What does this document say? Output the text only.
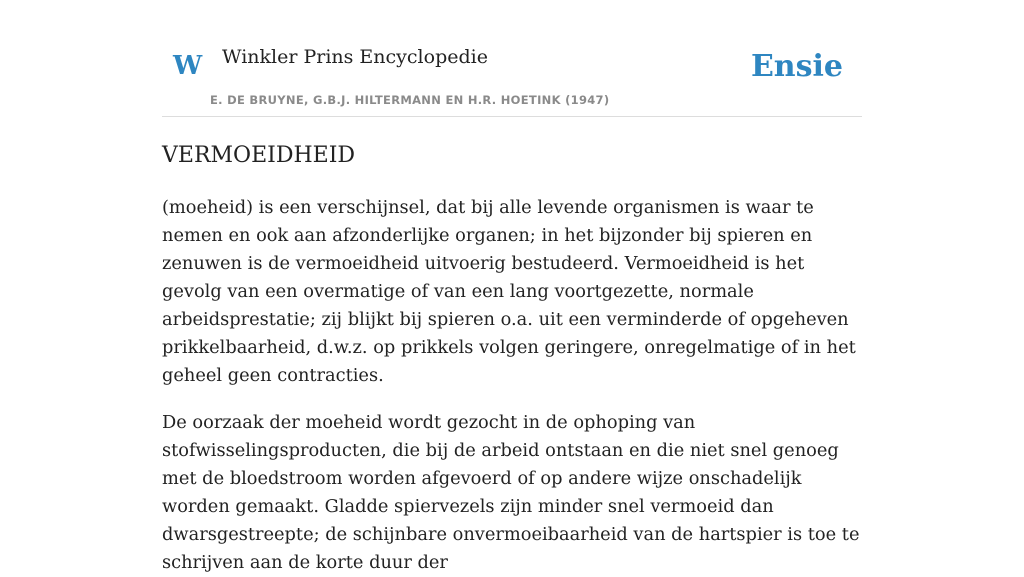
W Winkler Prins Encyclopedie
E. DE BRUYNE, G.B.J. HILTERMANN EN H.R. HOETINK (1947)
Ensie
VERMOEIDHEID

(moeheid) is een verschijnsel, dat bij alle levende organismen is waar te nemen en ook aan afzonderlijke organen; in het bijzonder bij spieren en zenuwen is de vermoeidheid uitvoerig bestudeerd. Vermoeidheid is het gevolg van een overmatige of van een lang voortgezette, normale arbeidsprestatie; zij blijkt bij spieren o.a. uit een verminderde of opgeheven prikkelbaarheid, d.w.z. op prikkels volgen geringere, onregelmatige of in het geheel geen contracties.

De oorzaak der moeheid wordt gezocht in de ophoping van stofwisselingsproducten, die bij de arbeid ontstaan en die niet snel genoeg met de bloedstroom worden afgevoerd of op andere wijze onschadelijk worden gemaakt. Gladde spiervezels zijn minder snel vermoeid dan dwarsgestreepte; de schijnbare onvermoeibaarheid van de hartspier is toe te schrijven aan de korte duur der
